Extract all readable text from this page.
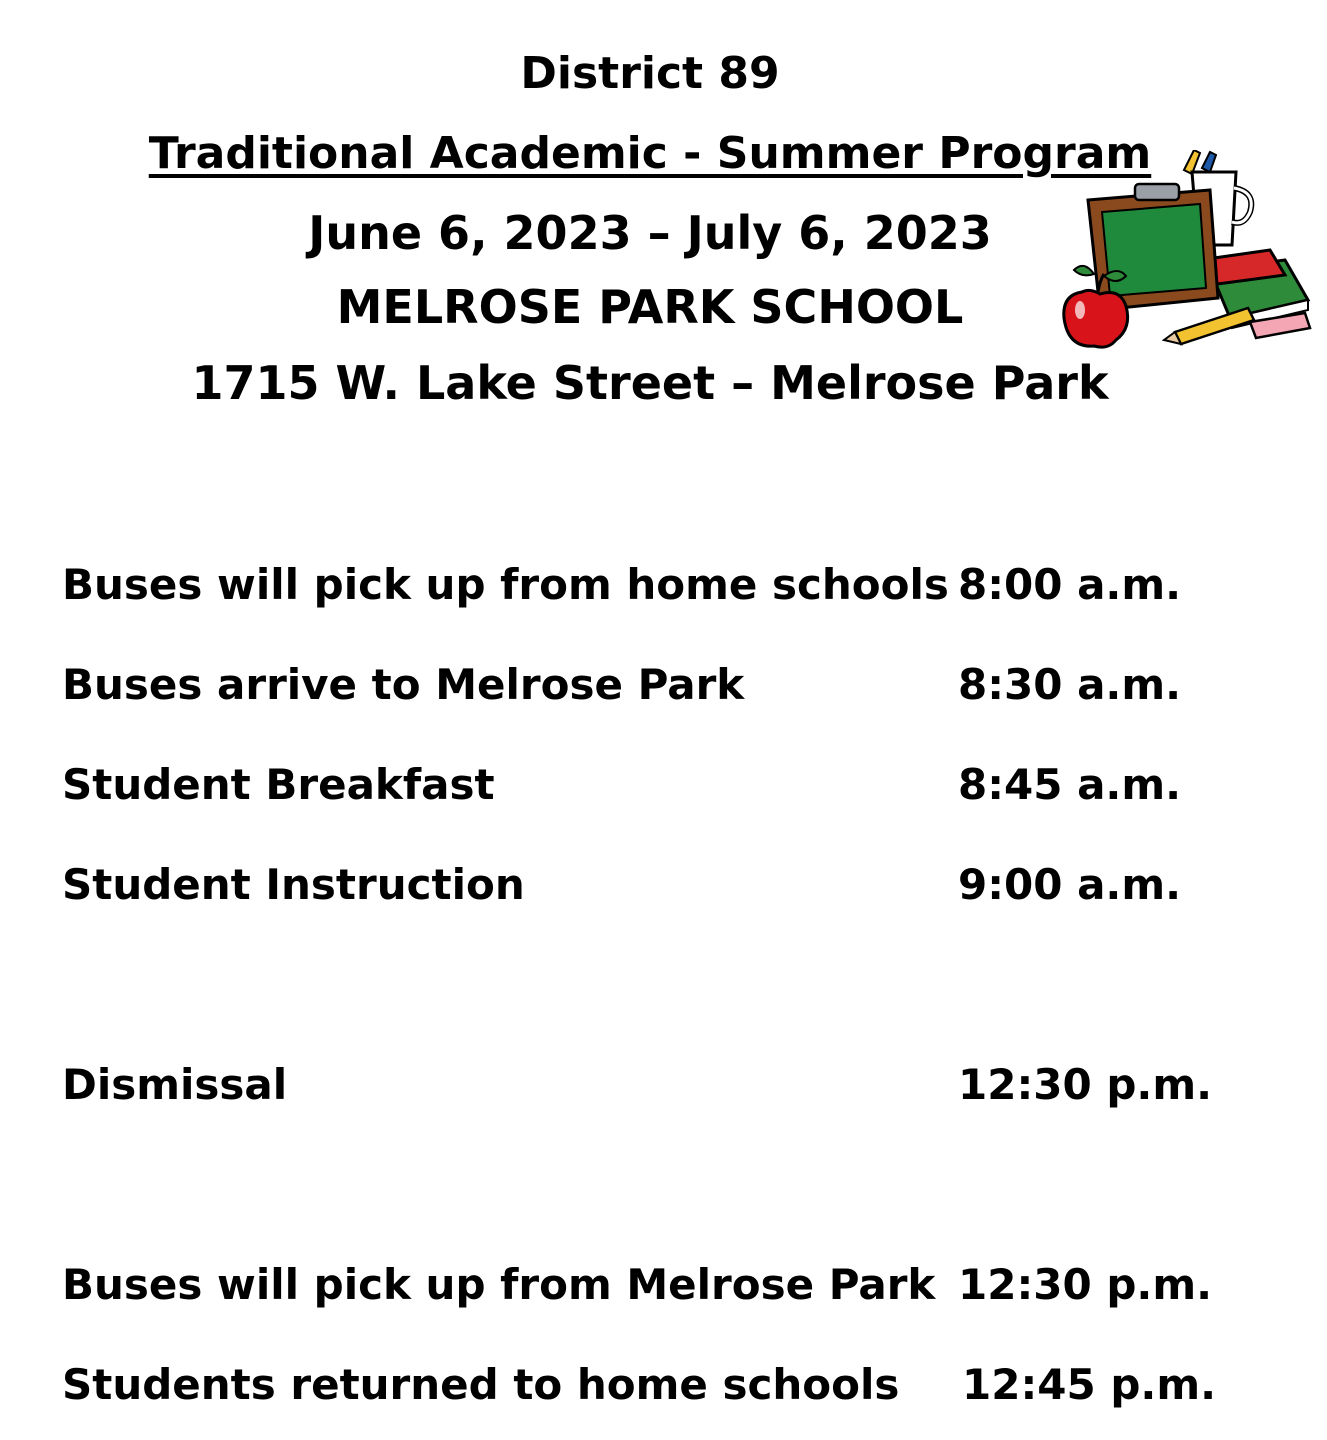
District 89
Traditional Academic - Summer Program
June 6, 2023 – July 6, 2023
MELROSE PARK SCHOOL
1715 W. Lake Street – Melrose Park
Buses will pick up from home schools 8:00 a.m.
Buses arrive to Melrose Park	8:30 a.m.
Student Breakfast	8:45 a.m.
Student Instruction	9:00 a.m.
Dismissal	12:30 p.m.
Buses will pick up from Melrose Park 12:30 p.m.
Students returned to home schools 12:45 p.m.
